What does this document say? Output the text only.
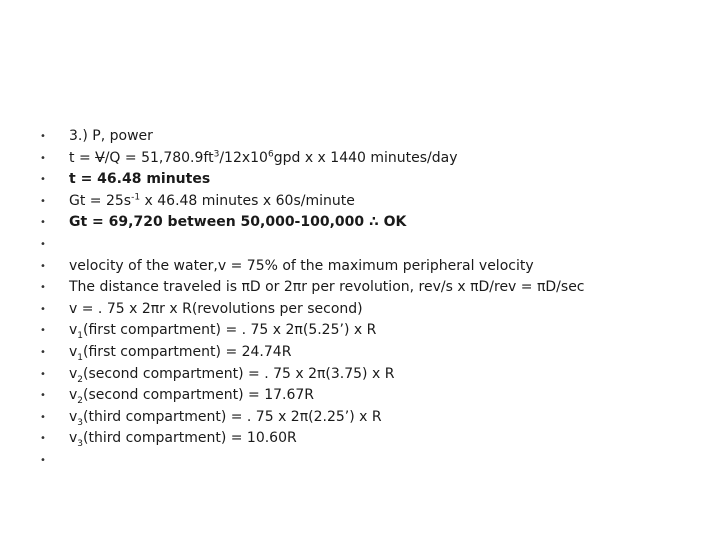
• 3.) P, power
• $t = V/Q = 51,780.9ft^3/12x10^6gpd$ x x 1440 minutes/day
• t = 46.48 minutes
• $Gt = 25s^{-1}$ x 46.48 minutes x 60s/minute
• Gt = 69,720 between 50,000-100,000 ∴ OK
•
• velocity of the water,v = 75% of the maximum peripheral velocity
• The distance traveled is πD or 2πr per revolution, rev/s x πD/rev = πD/sec
• v = . 75 x 2πr x R(revolutions per second)
• $v_1(first$ compartment) = . 75 x 2π(5.25’) x R
• $v_1(first$ compartment) = 24.74R
• $v_2(second$ compartment) = . 75 x 2π(3.75) x R
• $v_2(second$ compartment) = 17.67R
• $v_3(third$ compartment) = . 75 x 2π(2.25’) x R
• $v_3(third$ compartment) = 10.60R
•
